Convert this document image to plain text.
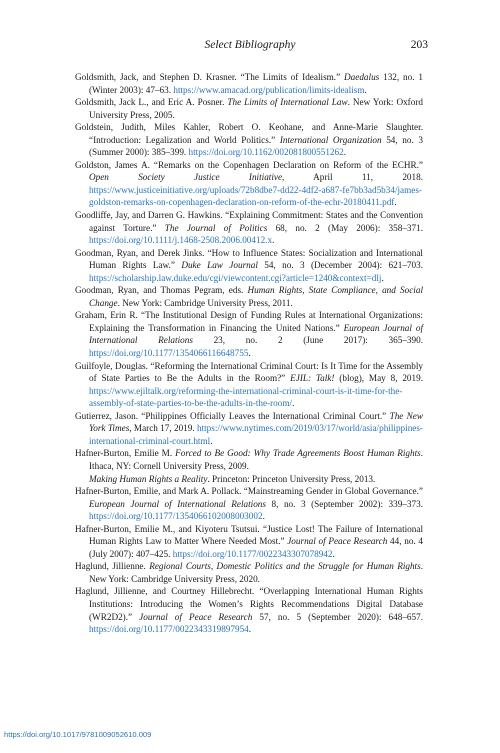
Select Bibliography	203

Goldsmith, Jack, and Stephen D. Krasner. “The Limits of Idealism.” Daedalus 132, no. 1 (Winter 2003): 47–63. https://www.amacad.org/publication/limits-idealism.

Goldsmith, Jack L., and Eric A. Posner. The Limits of International Law. New York: Oxford University Press, 2005.

Goldstein, Judith, Miles Kahler, Robert O. Keohane, and Anne-Marie Slaughter. “Introduction: Legalization and World Politics.” International Organization 54, no. 3 (Summer 2000): 385–399. https://doi.org/10.1162/002081800551262.

Goldston, James A. “Remarks on the Copenhagen Declaration on Reform of the ECHR.” Open Society Justice Initiative, April 11, 2018. https://www.justiceinitiative.org/uploads/72b8dbe7-dd22-4df2-a687-fe7bb3ad5b34/james-goldston-remarks-on-copenhagen-declaration-on-reform-of-the-echr-20180411.pdf.

Goodliffe, Jay, and Darren G. Hawkins. “Explaining Commitment: States and the Convention against Torture.” The Journal of Politics 68, no. 2 (May 2006): 358–371. https://doi.org/10.1111/j.1468-2508.2006.00412.x.

Goodman, Ryan, and Derek Jinks. “How to Influence States: Socialization and International Human Rights Law.” Duke Law Journal 54, no. 3 (December 2004): 621–703. https://scholarship.law.duke.edu/cgi/viewcontent.cgi?article=1240&context=dlj.

Goodman, Ryan, and Thomas Pegram, eds. Human Rights, State Compliance, and Social Change. New York: Cambridge University Press, 2011.

Graham, Erin R. “The Institutional Design of Funding Rules at International Organizations: Explaining the Transformation in Financing the United Nations.” European Journal of International Relations 23, no. 2 (June 2017): 365–390. https://doi.org/10.1177/1354066116648755.

Guilfoyle, Douglas. “Reforming the International Criminal Court: Is It Time for the Assembly of State Parties to Be the Adults in the Room?” EJIL: Talk! (blog), May 8, 2019. https://www.ejiltalk.org/reforming-the-international-criminal-court-is-it-time-for-the-assembly-of-state-parties-to-be-the-adults-in-the-room/.

Gutierrez, Jason. “Philippines Officially Leaves the International Criminal Court.” The New York Times, March 17, 2019. https://www.nytimes.com/2019/03/17/world/asia/philippines-international-criminal-court.html.

Hafner-Burton, Emilie M. Forced to Be Good: Why Trade Agreements Boost Human Rights. Ithaca, NY: Cornell University Press, 2009.

Making Human Rights a Reality. Princeton: Princeton University Press, 2013.

Hafner-Burton, Emilie, and Mark A. Pollack. “Mainstreaming Gender in Global Governance.” European Journal of International Relations 8, no. 3 (September 2002): 339–373. https://doi.org/10.1177/1354066102008003002.

Hafner-Burton, Emilie M., and Kiyoteru Tsutsui. “Justice Lost! The Failure of International Human Rights Law to Matter Where Needed Most.” Journal of Peace Research 44, no. 4 (July 2007): 407–425. https://doi.org/10.1177/0022343307078942.

Haglund, Jillienne. Regional Courts, Domestic Politics and the Struggle for Human Rights. New York: Cambridge University Press, 2020.

Haglund, Jillienne, and Courtney Hillebrecht. “Overlapping International Human Rights Institutions: Introducing the Women’s Rights Recommendations Digital Database (WR2D2).” Journal of Peace Research 57, no. 5 (September 2020): 648–657. https://doi.org/10.1177/0022343319897954.

https://doi.org/10.1017/9781009052610.009
